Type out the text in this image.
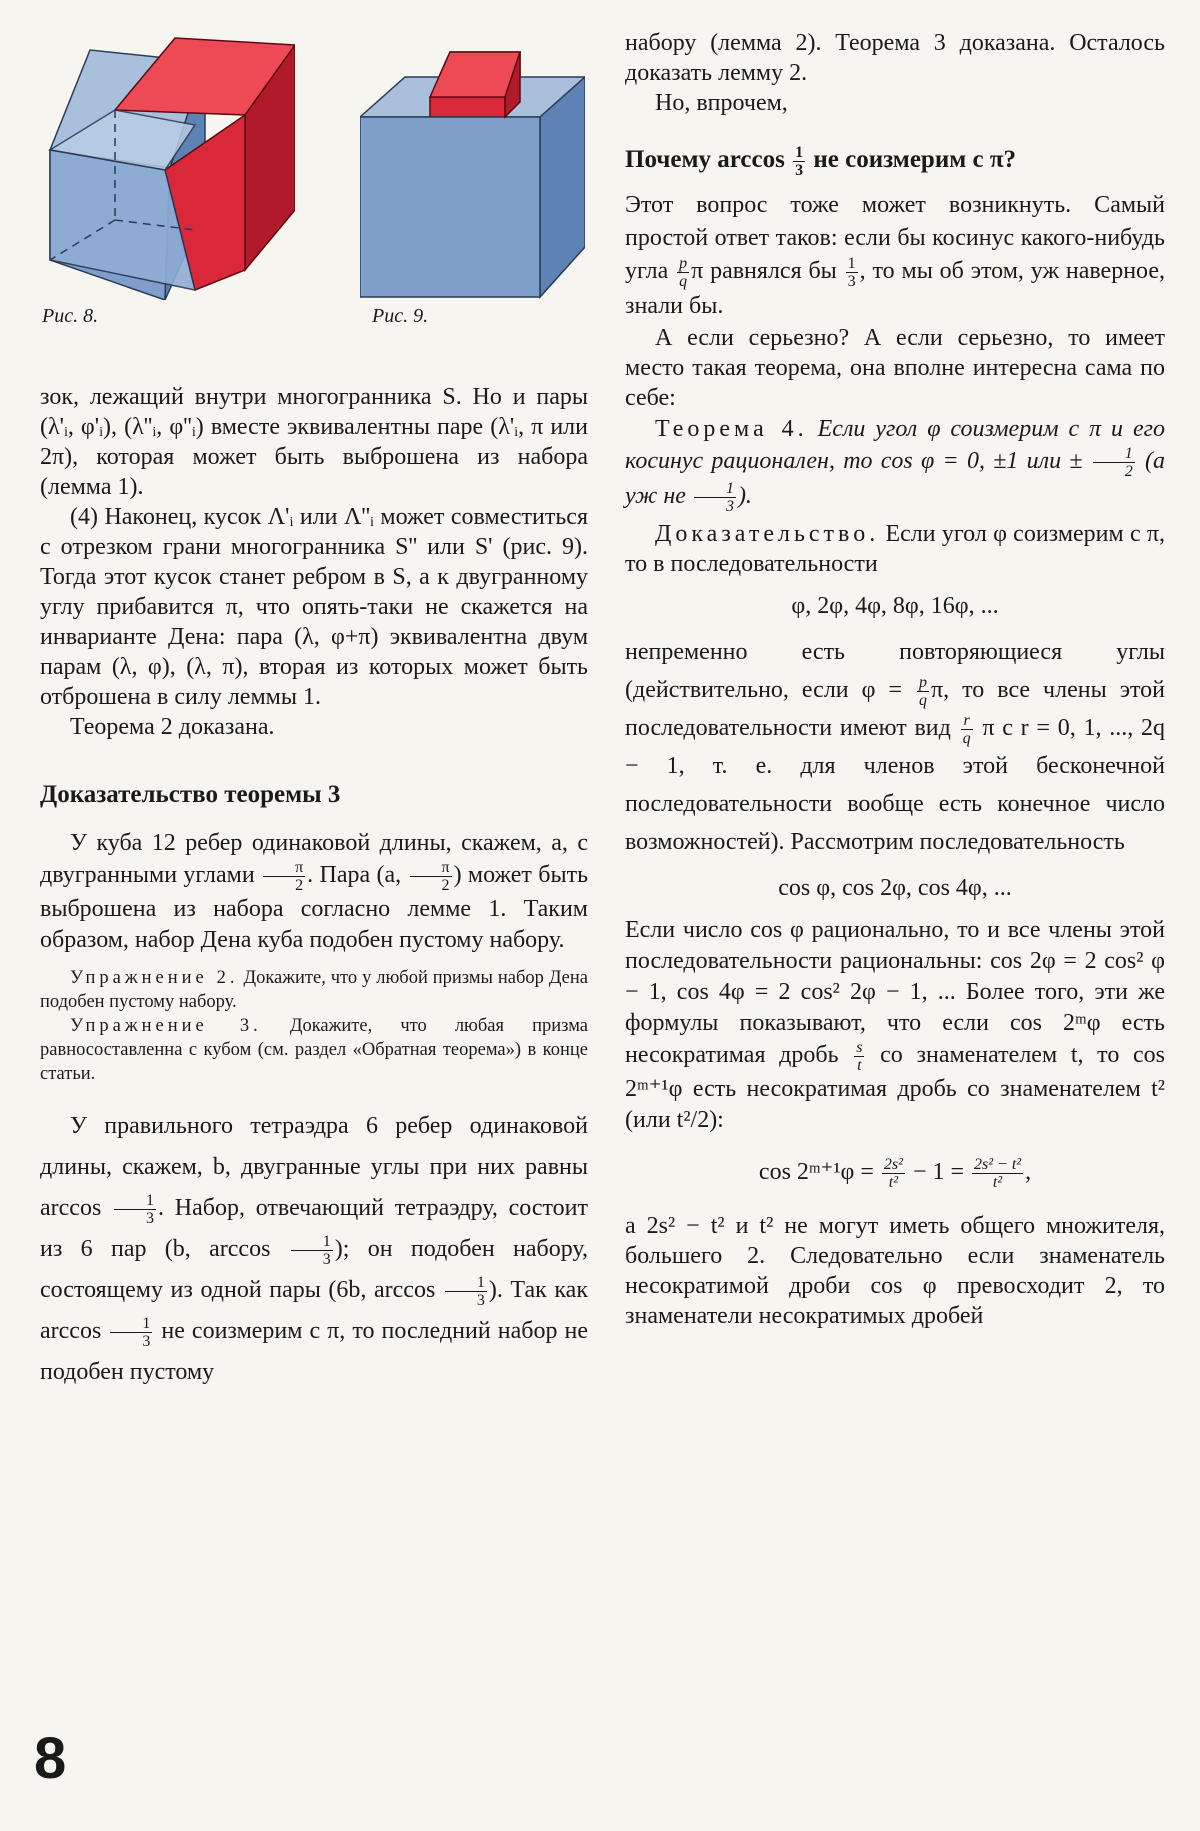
Рис. 8.	Рис. 9.

зок, лежащий внутри многогранника S. Но и пары (λ'ᵢ, φ'ᵢ), (λ''ᵢ, φ''ᵢ) вместе эквивалентны паре (λ'ᵢ, π или 2π), которая может быть выброшена из набора (лемма 1).

(4) Наконец, кусок Λ'ᵢ или Λ''ᵢ может совместиться с отрезком грани многогранника S'' или S' (рис. 9). Тогда этот кусок станет ребром в S, а к двугранному углу прибавится π, что опять-таки не скажется на инварианте Дена: пара (λ, φ+π) эквивалентна двум парам (λ, φ), (λ, π), вторая из которых может быть отброшена в силу леммы 1.

Теорема 2 доказана.

Доказательство теоремы 3

У куба 12 ребер одинаковой длины, скажем, a, с двугранными углами $\frac{\pi}{2}$ . Пара (a, $\frac{\pi}{2}$ ) может быть выброшена из набора согласно лемме 1. Таким образом, набор Дена куба подобен пустому набору.

Упражнение 2. Докажите, что у любой призмы набор Дена подобен пустому набору.

Упражнение 3. Докажите, что любая призма равносоставленна с кубом (см. раздел «Обратная теорема») в конце статьи.

У правильного тетраэдра 6 ребер одинаковой длины, скажем, b, двугранные углы при них равны $\arccos \frac{1}{3}$ . Набор, отвечающий тетраэдру, состоит из 6 пар (b, $\arccos \frac{1}{3}$ ); он подобен набору, состоящему из одной пары (6b, $\arccos \frac{1}{3}$ ). Так как $\arccos \frac{1}{3}$ не соизмерим с π, то последний набор не подобен пустому

набору (лемма 2). Теорема 3 доказана. Осталось доказать лемму 2.

Но, впрочем,

Почему $\arccos \frac{1}{3}$ не соизмерим с π?

Этот вопрос тоже может возникнуть. Самый простой ответ таков: если бы косинус какого-нибудь угла $\frac{p}{q}$ π равнялся бы $\frac{1}{3}$ , то мы об этом, уж наверное, знали бы.

А если серьезно? А если серьезно, то имеет место такая теорема, она вполне интересна сама по себе:

Теорема 4. Если угол φ соизмерим с π и его косинус рационален, то cos φ = 0, ±1 или ± $\frac{1}{2} (а$ уж не $\frac{1}{3}$ ).

Доказательство. Если угол φ соизмерим с π, то в последовательности

φ, 2φ, 4φ, 8φ, 16φ, ...

непременно есть повторяющиеся углы (действительно, если $\varphi = \frac{p}{q} \pi$, то все члены этой последовательности имеют вид $\frac{r}{q}$ π с r = 0, 1, ..., 2q − 1, т. е. для членов этой бесконечной последовательности вообще есть конечное число возможностей). Рассмотрим последовательность

cos φ, cos 2φ, cos 4φ, ...

Если число cos φ рационально, то и все члены этой последовательности рациональны: cos 2φ = 2 cos² φ − 1, cos 4φ = 2 cos² 2φ − 1, ... Более того, эти же формулы показывают, что если cos 2ᵐφ есть несократимая дробь $\frac{s}{t}$ со знаменателем t, то cos 2ᵐ⁺¹φ есть несократимая дробь со знаменателем t² (или t²/2):

cos 2ᵐ⁺¹φ = $\frac{\text{2s²}}{\text{t²}} - 1 = \frac{\text{2s² − t²}}{\text{t²}}$ ,

а 2s² − t² и t² не могут иметь общего множителя, большего 2. Следовательно если знаменатель несократимой дроби cos φ превосходит 2, то знаменатели несократимых дробей

8
